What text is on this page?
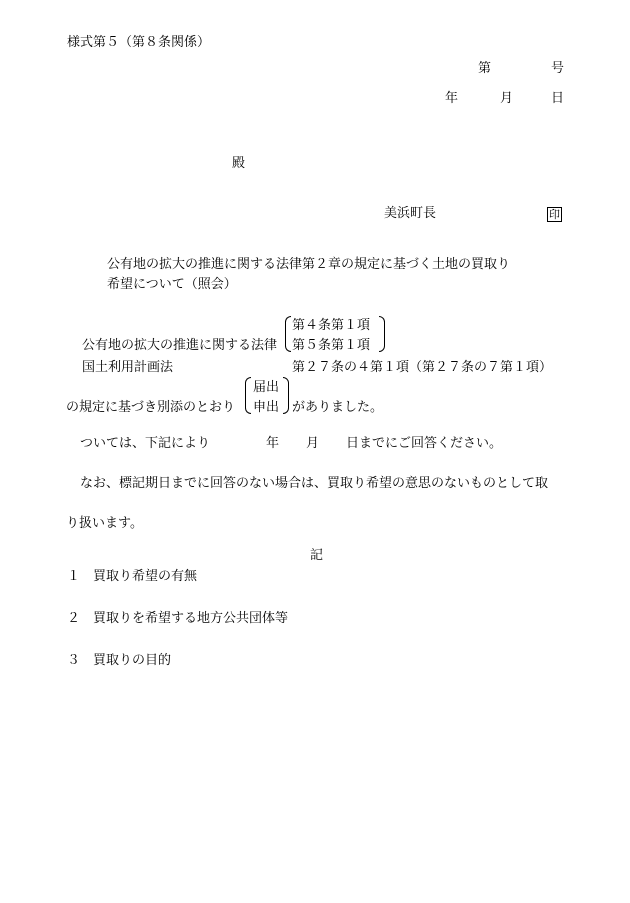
様式第５（第８条関係）
第	号
年	月	日
殿
美浜町長	印
公有地の拡大の推進に関する法律第２章の規定に基づく土地の買取り
希望について（照会）
公有地の拡大の推進に関する法律
第４条第１項
第５条第１項
国土利用計画法	第２７条の４第１項（第２７条の７第１項）
の規定に基づき別添のとおり
届出
申出 がありました。
ついては、下記により	年 月 日までにご回答ください。
なお、標記期日までに回答のない場合は、買取り希望の意思のないものとして取
り扱います。
記
１ 買取り希望の有無
２ 買取りを希望する地方公共団体等
３ 買取りの目的
